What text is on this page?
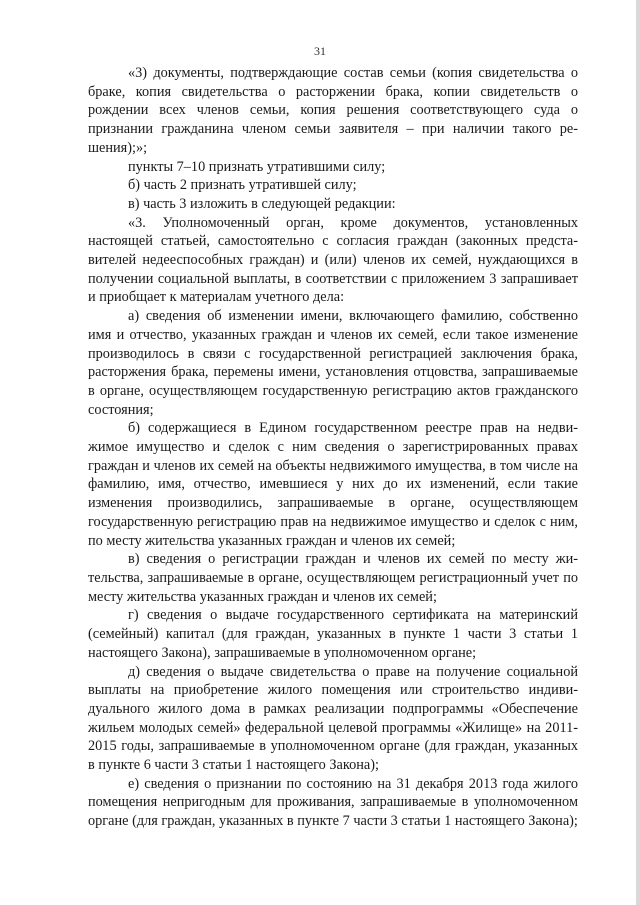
31

«3) документы, подтверждающие состав семьи (копия свидетельства о браке, копия свидетельства о расторжении брака, копии свидетельств о рождении всех членов семьи, копия решения соответствующего суда о признании гражданина членом семьи заявителя – при наличии такого решения);»;

пункты 7–10 признать утратившими силу;

б) часть 2 признать утратившей силу;

в) часть 3 изложить в следующей редакции:

«3. Уполномоченный орган, кроме документов, установленных настоящей статьей, самостоятельно с согласия граждан (законных представителей недееспособных граждан) и (или) членов их семей, нуждающихся в получении социальной выплаты, в соответствии с приложением 3 запрашивает и приобщает к материалам учетного дела:

а) сведения об изменении имени, включающего фамилию, собственно имя и отчество, указанных граждан и членов их семей, если такое изменение производилось в связи с государственной регистрацией заключения брака, расторжения брака, перемены имени, установления отцовства, запрашиваемые в органе, осуществляющем государственную регистрацию актов гражданского состояния;

б) содержащиеся в Едином государственном реестре прав на недвижимое имущество и сделок с ним сведения о зарегистрированных правах граждан и членов их семей на объекты недвижимого имущества, в том числе на фамилию, имя, отчество, имевшиеся у них до их изменений, если такие изменения производились, запрашиваемые в органе, осуществляющем государственную регистрацию прав на недвижимое имущество и сделок с ним, по месту жительства указанных граждан и членов их семей;

в) сведения о регистрации граждан и членов их семей по месту жительства, запрашиваемые в органе, осуществляющем регистрационный учет по месту жительства указанных граждан и членов их семей;

г) сведения о выдаче государственного сертификата на материнский (семейный) капитал (для граждан, указанных в пункте 1 части 3 статьи 1 настоящего Закона), запрашиваемые в уполномоченном органе;

д) сведения о выдаче свидетельства о праве на получение социальной выплаты на приобретение жилого помещения или строительство индивидуального жилого дома в рамках реализации подпрограммы «Обеспечение жильем молодых семей» федеральной целевой программы «Жилище» на 2011-2015 годы, запрашиваемые в уполномоченном органе (для граждан, указанных в пункте 6 части 3 статьи 1 настоящего Закона);

е) сведения о признании по состоянию на 31 декабря 2013 года жилого помещения непригодным для проживания, запрашиваемые в уполномоченном органе (для граждан, указанных в пункте 7 части 3 статьи 1 настоящего Закона);
